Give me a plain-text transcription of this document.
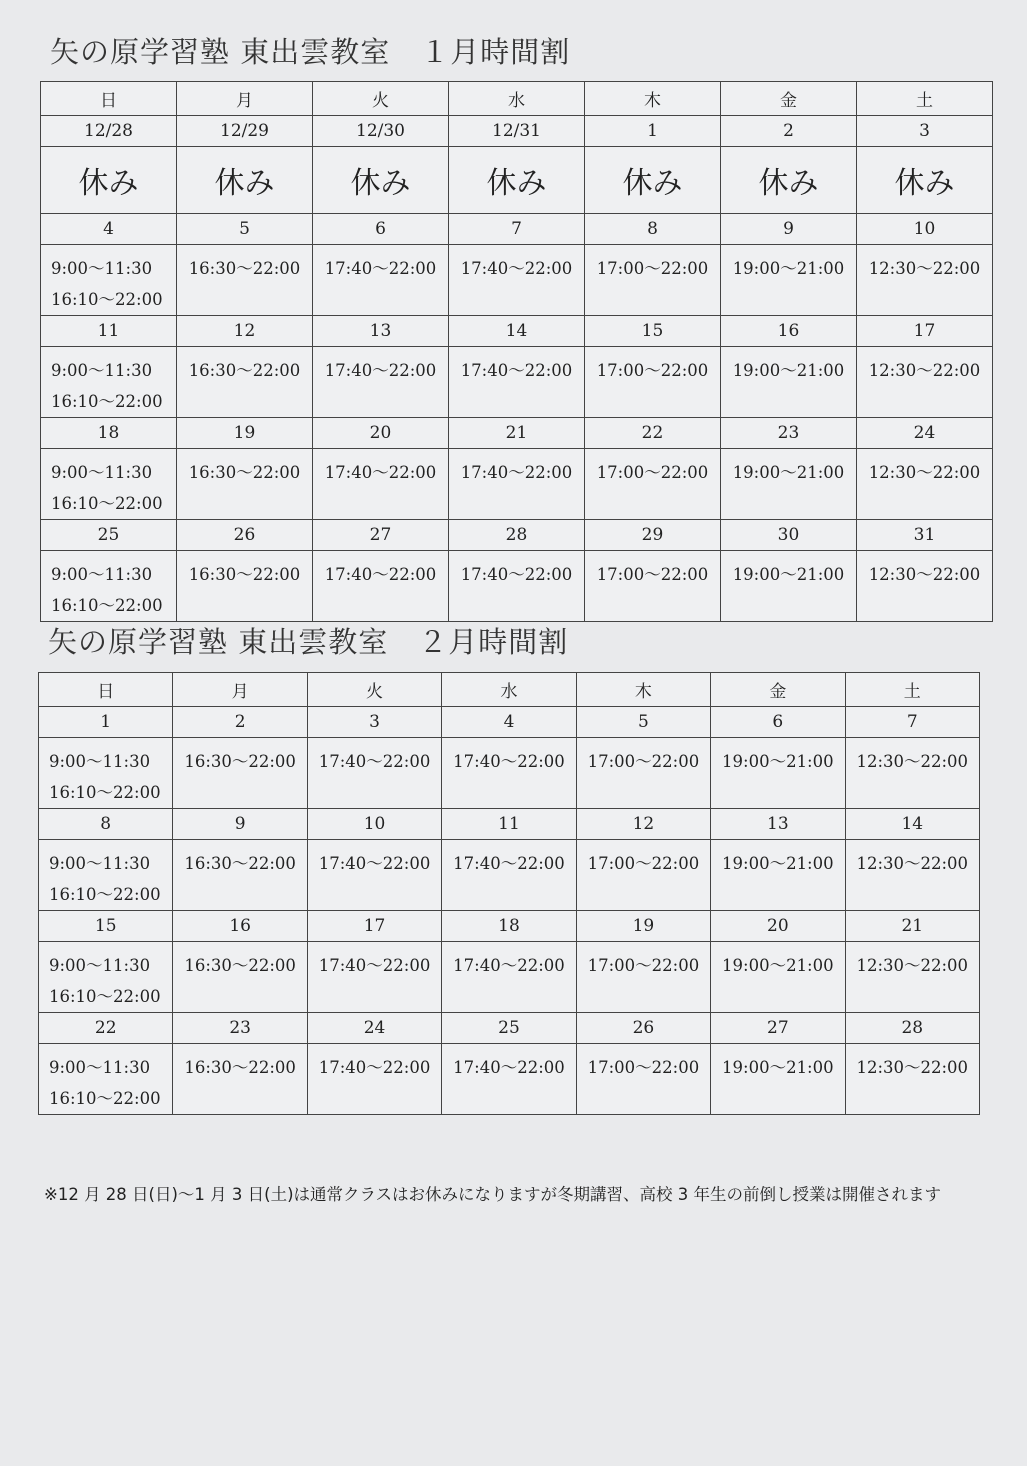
矢の原学習塾 東出雲教室　１月時間割
日	月	火	水	木	金	土
12/28	12/29	12/30	12/31	1	2	3

休み	休み	休み	休み	休み	休み	休み

4	5	6	7	8	9	10

9:00〜11:30
16:10〜22:00	16:30〜22:00	17:40〜22:00	17:40〜22:00	17:00〜22:00	19:00〜21:00	12:30〜22:00

11	12	13	14	15	16	17

9:00〜11:30
16:10〜22:00	16:30〜22:00	17:40〜22:00	17:40〜22:00	17:00〜22:00	19:00〜21:00	12:30〜22:00

18	19	20	21	22	23	24

9:00〜11:30
16:10〜22:00	16:30〜22:00	17:40〜22:00	17:40〜22:00	17:00〜22:00	19:00〜21:00	12:30〜22:00

25	26	27	28	29	30	31

9:00〜11:30
16:10〜22:00	16:30〜22:00	17:40〜22:00	17:40〜22:00	17:00〜22:00	19:00〜21:00	12:30〜22:00
矢の原学習塾 東出雲教室　２月時間割
日	月	火	水	木	金	土
1	2	3	4	5	6	7

9:00〜11:30
16:10〜22:00	16:30〜22:00	17:40〜22:00	17:40〜22:00	17:00〜22:00	19:00〜21:00	12:30〜22:00

8	9	10	11	12	13	14

9:00〜11:30
16:10〜22:00	16:30〜22:00	17:40〜22:00	17:40〜22:00	17:00〜22:00	19:00〜21:00	12:30〜22:00

15	16	17	18	19	20	21

9:00〜11:30
16:10〜22:00	16:30〜22:00	17:40〜22:00	17:40〜22:00	17:00〜22:00	19:00〜21:00	12:30〜22:00

22	23	24	25	26	27	28

9:00〜11:30
16:10〜22:00	16:30〜22:00	17:40〜22:00	17:40〜22:00	17:00〜22:00	19:00〜21:00	12:30〜22:00
※12 月 28 日(日)〜1 月 3 日(土)は通常クラスはお休みになりますが冬期講習、高校 3 年生の前倒し授業は開催されます
